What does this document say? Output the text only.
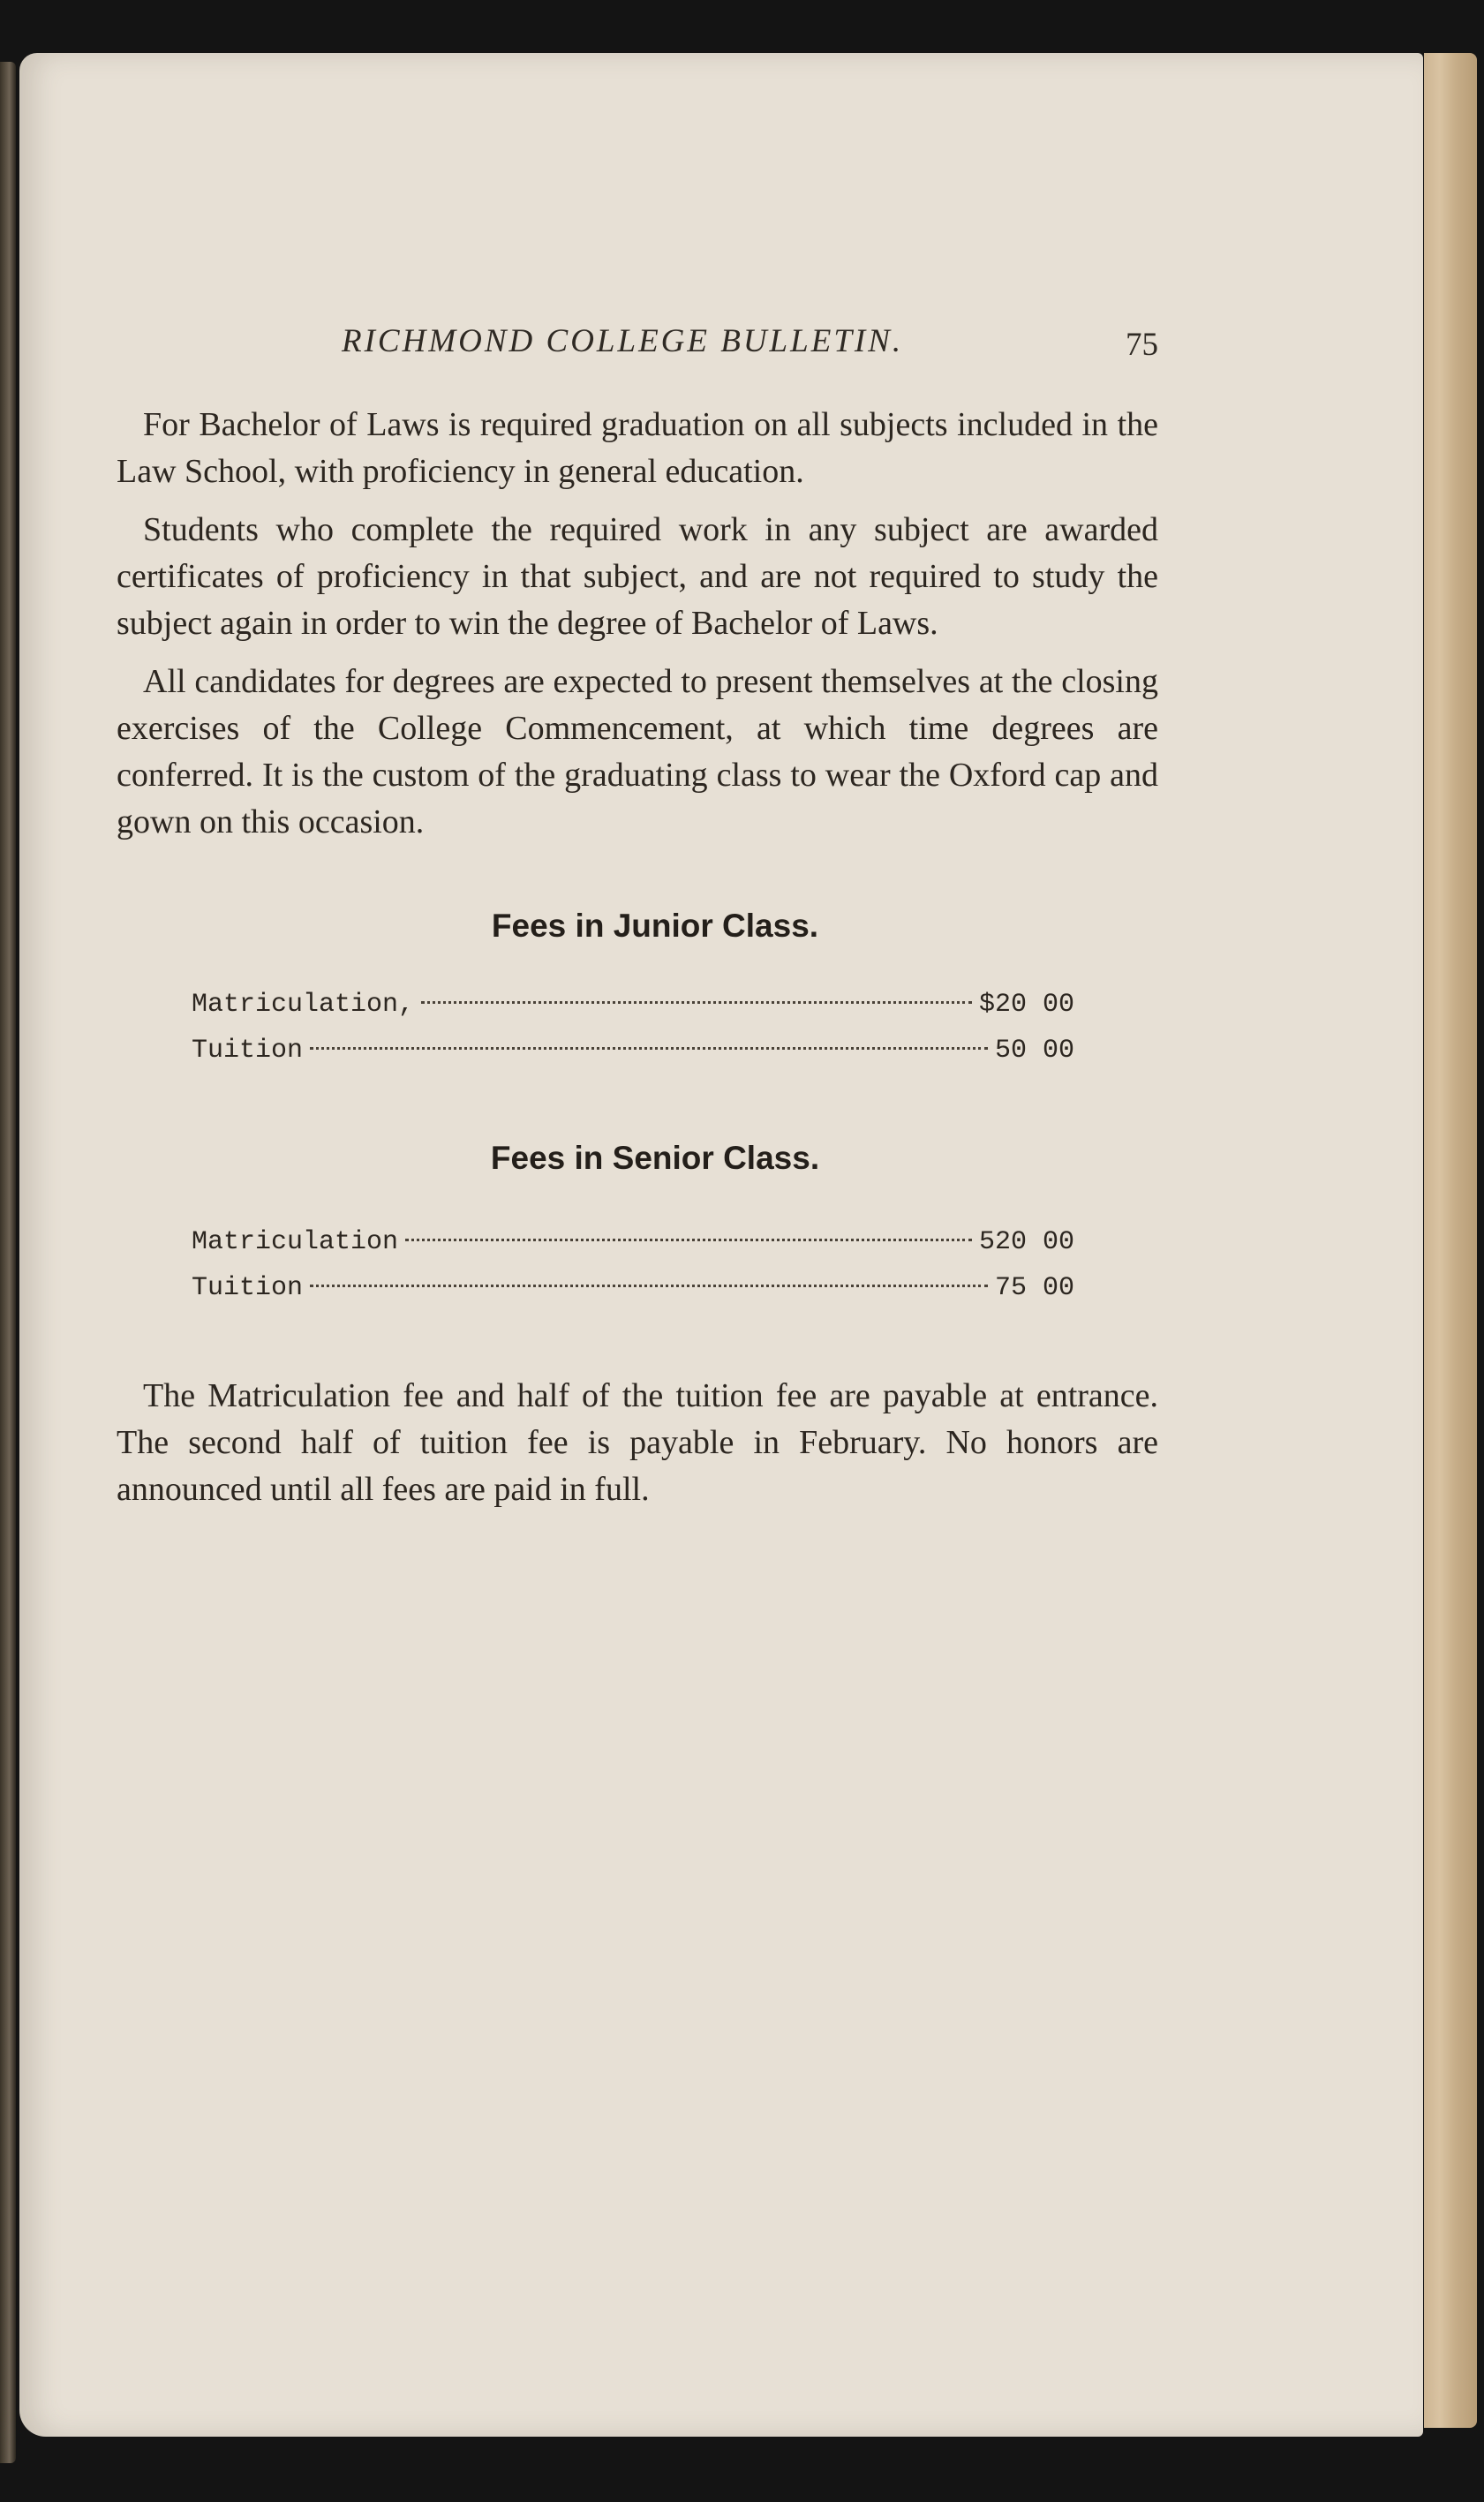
RICHMOND COLLEGE BULLETIN.	75

For Bachelor of Laws is required graduation on all subjects included in the Law School, with proficiency in general education.

Students who complete the required work in any subject are awarded certificates of proficiency in that subject, and are not required to study the subject again in order to win the degree of Bachelor of Laws.

All candidates for degrees are expected to present themselves at the closing exercises of the College Commencement, at which time degrees are conferred. It is the custom of the graduating class to wear the Oxford cap and gown on this occasion.

Fees in Junior Class.
Matriculation,	$20 00
Tuition	50 00
Fees in Senior Class.
Matriculation	520 00
Tuition	75 00

The Matriculation fee and half of the tuition fee are payable at entrance. The second half of tuition fee is payable in February. No honors are announced until all fees are paid in full.
